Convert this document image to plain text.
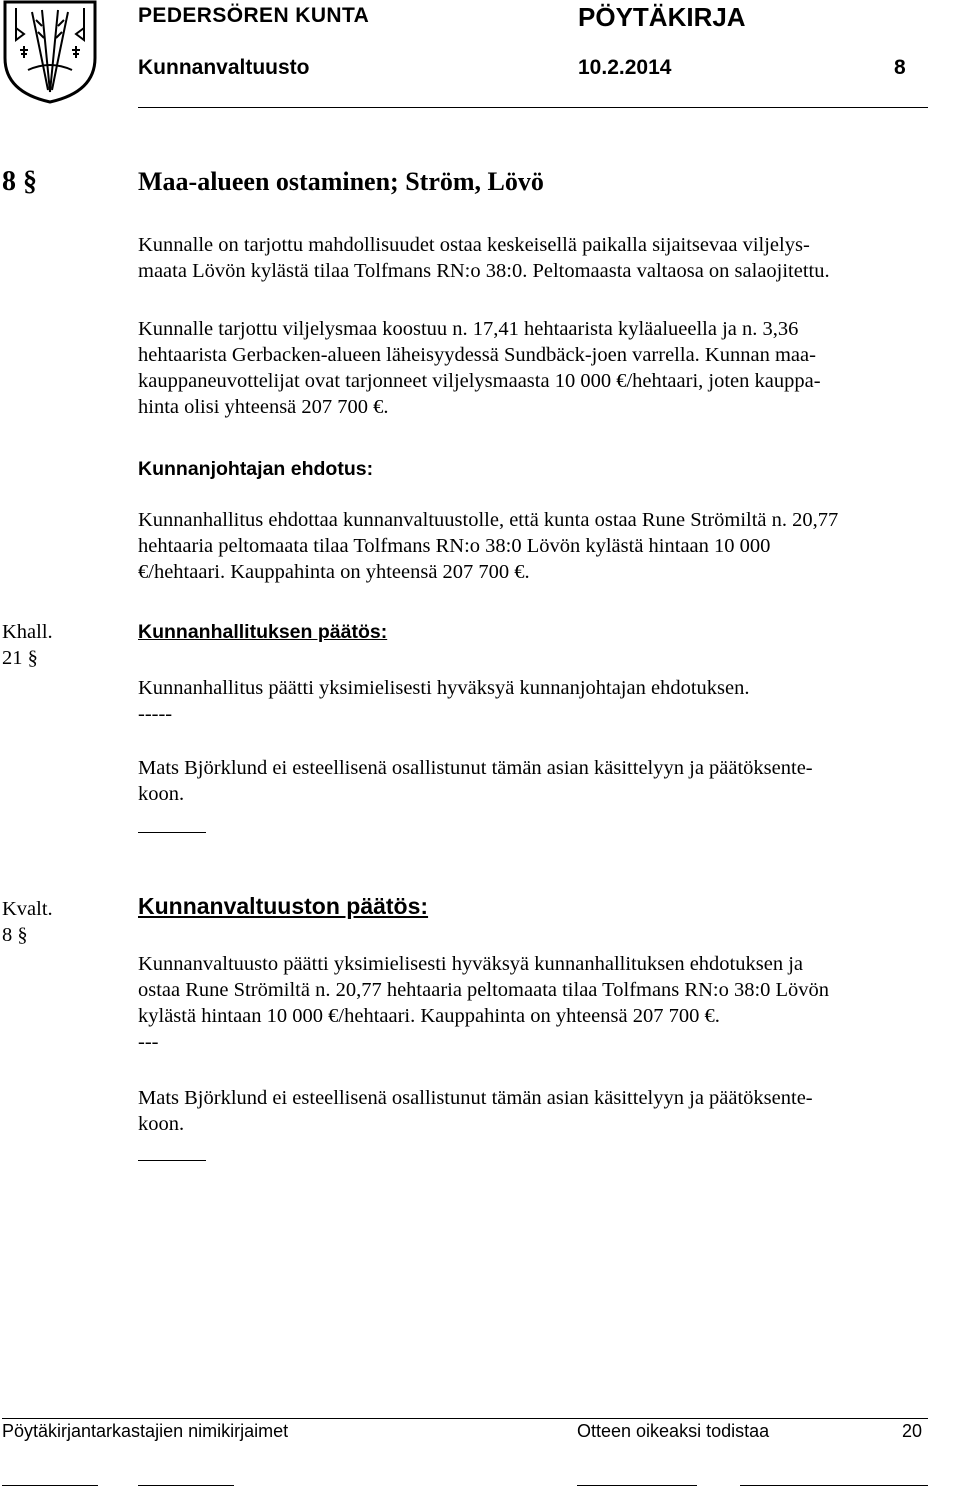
PEDERSÖREN KUNTA	PÖYTÄKIRJA
Kunnanvaltuusto	10.2.2014	8
8 §	Maa-alueen ostaminen; Ström, Lövö
Kunnalle on tarjottu mahdollisuudet ostaa keskeisellä paikalla sijaitsevaa viljelys-
maata Lövön kylästä tilaa Tolfmans RN:o 38:0. Peltomaasta valtaosa on salaojitettu.
Kunnalle tarjottu viljelysmaa koostuu n. 17,41 hehtaarista kyläalueella ja n. 3,36
hehtaarista Gerbacken-alueen läheisyydessä Sundbäck-joen varrella. Kunnan maa-
kauppaneuvottelijat ovat tarjonneet viljelysmaasta 10 000 €/hehtaari, joten kauppa-
hinta olisi yhteensä 207 700 €.
Kunnanjohtajan ehdotus:
Kunnanhallitus ehdottaa kunnanvaltuustolle, että kunta ostaa Rune Strömiltä n. 20,77
hehtaaria peltomaata tilaa Tolfmans RN:o 38:0 Lövön kylästä hintaan 10 000
€/hehtaari. Kauppahinta on yhteensä 207 700 €.
Khall.
21 §
Kunnanhallituksen päätös:
Kunnanhallitus päätti yksimielisesti hyväksyä kunnanjohtajan ehdotuksen.
-----
Mats Björklund ei esteellisenä osallistunut tämän asian käsittelyyn ja päätöksente-
koon.
Kvalt.
8 §
Kunnanvaltuuston päätös:
Kunnanvaltuusto päätti yksimielisesti hyväksyä kunnanhallituksen ehdotuksen ja
ostaa Rune Strömiltä n. 20,77 hehtaaria peltomaata tilaa Tolfmans RN:o 38:0 Lövön
kylästä hintaan 10 000 €/hehtaari. Kauppahinta on yhteensä 207 700 €.
---
Mats Björklund ei esteellisenä osallistunut tämän asian käsittelyyn ja päätöksente-
koon.
Pöytäkirjantarkastajien nimikirjaimet	Otteen oikeaksi todistaa	20
